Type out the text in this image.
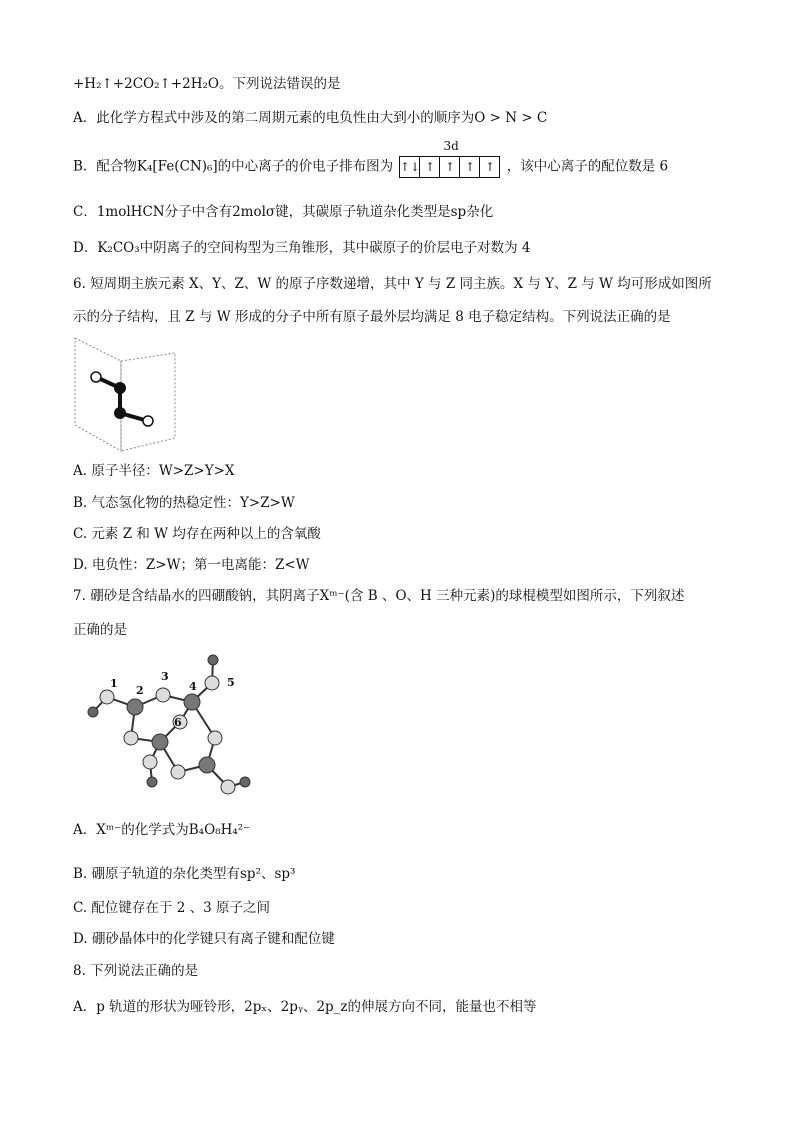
+H₂↑+2CO₂↑+2H₂O。下列说法错误的是
A．此化学方程式中涉及的第二周期元素的电负性由大到小的顺序为O > N > C
B．配合物K₄[Fe(CN)₆]的中心离子的价电子排布图为
3d
↑↓ ↑ ↑ ↑ ↑ ，该中心离子的配位数是 6
C．1molHCN分子中含有2molσ键，其碳原子轨道杂化类型是sp杂化
D．K₂CO₃中阴离子的空间构型为三角锥形，其中碳原子的价层电子对数为 4
6. 短周期主族元素 X、Y、Z、W 的原子序数递增，其中 Y 与 Z 同主族。X 与 Y、Z 与 W 均可形成如图所
示的分子结构，且 Z 与 W 形成的分子中所有原子最外层均满足 8 电子稳定结构。下列说法正确的是
A. 原子半径：W>Z>Y>X
B. 气态氢化物的热稳定性：Y>Z>W
C. 元素 Z 和 W 均存在两种以上的含氧酸
D. 电负性：Z>W；第一电离能：Z<W
7. 硼砂是含结晶水的四硼酸钠，其阴离子Xᵐ⁻(含 B 、O、H 三种元素)的球棍模型如图所示，下列叙述
正确的是
1
2
3
4	5
6
A．Xᵐ⁻的化学式为B₄O₈H₄²⁻
B. 硼原子轨道的杂化类型有sp²、sp³
C. 配位键存在于 2 、3 原子之间
D. 硼砂晶体中的化学键只有离子键和配位键
8. 下列说法正确的是
A．p 轨道的形状为哑铃形，2pₓ、2pᵧ、2p_z的伸展方向不同，能量也不相等
